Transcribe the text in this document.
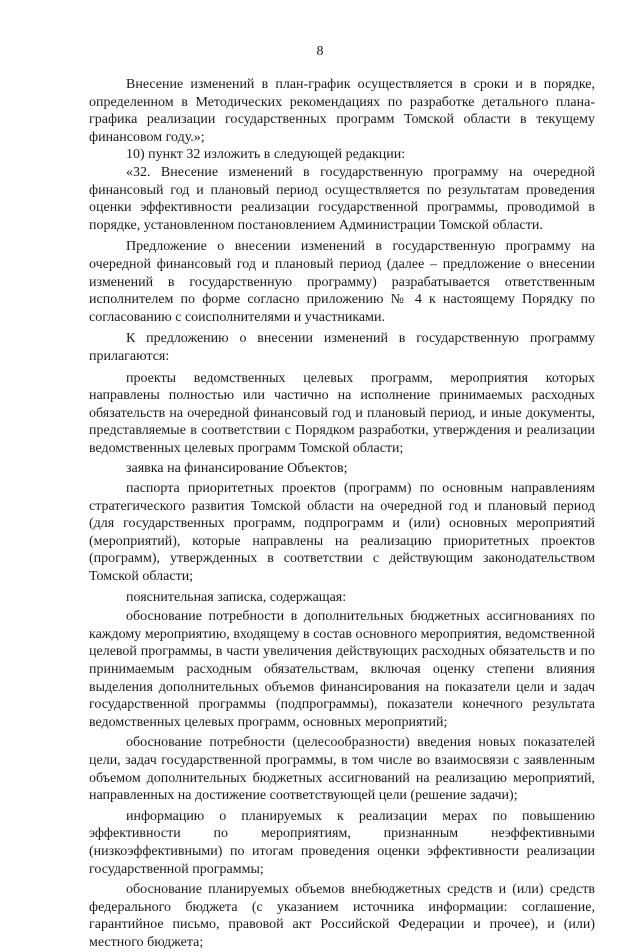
8

Внесение изменений в план-график осуществляется в сроки и в порядке, определенном в Методических рекомендациях по разработке детального плана-графика реализации государственных программ Томской области в текущему финансовом году.»;

10) пункт 32 изложить в следующей редакции:

«32. Внесение изменений в государственную программу на очередной финансовый год и плановый период осуществляется по результатам проведения оценки эффективности реализации государственной программы, проводимой в порядке, установленном постановлением Администрации Томской области.

Предложение о внесении изменений в государственную программу на очередной финансовый год и плановый период (далее – предложение о внесении изменений в государственную программу) разрабатывается ответственным исполнителем по форме согласно приложению № 4 к настоящему Порядку по согласованию с соисполнителями и участниками.

К предложению о внесении изменений в государственную программу прилагаются:

проекты ведомственных целевых программ, мероприятия которых направлены полностью или частично на исполнение принимаемых расходных обязательств на очередной финансовый год и плановый период, и иные документы, представляемые в соответствии с Порядком разработки, утверждения и реализации ведомственных целевых программ Томской области;

заявка на финансирование Объектов;

паспорта приоритетных проектов (программ) по основным направлениям стратегического развития Томской области на очередной год и плановый период (для государственных программ, подпрограмм и (или) основных мероприятий (мероприятий), которые направлены на реализацию приоритетных проектов (программ), утвержденных в соответствии с действующим законодательством Томской области;

пояснительная записка, содержащая:

обоснование потребности в дополнительных бюджетных ассигнованиях по каждому мероприятию, входящему в состав основного мероприятия, ведомственной целевой программы, в части увеличения действующих расходных обязательств и по принимаемым расходным обязательствам, включая оценку степени влияния выделения дополнительных объемов финансирования на показатели цели и задач государственной программы (подпрограммы), показатели конечного результата ведомственных целевых программ, основных мероприятий;

обоснование потребности (целесообразности) введения новых показателей цели, задач государственной программы, в том числе во взаимосвязи с заявленным объемом дополнительных бюджетных ассигнований на реализацию мероприятий, направленных на достижение соответствующей цели (решение задачи);

информацию о планируемых к реализации мерах по повышению эффективности по мероприятиям, признанным неэффективными (низкоэффективными) по итогам проведения оценки эффективности реализации государственной программы;

обоснование планируемых объемов внебюджетных средств и (или) средств федерального бюджета (с указанием источника информации: соглашение, гарантийное письмо, правовой акт Российской Федерации и прочее), и (или) местного бюджета;
